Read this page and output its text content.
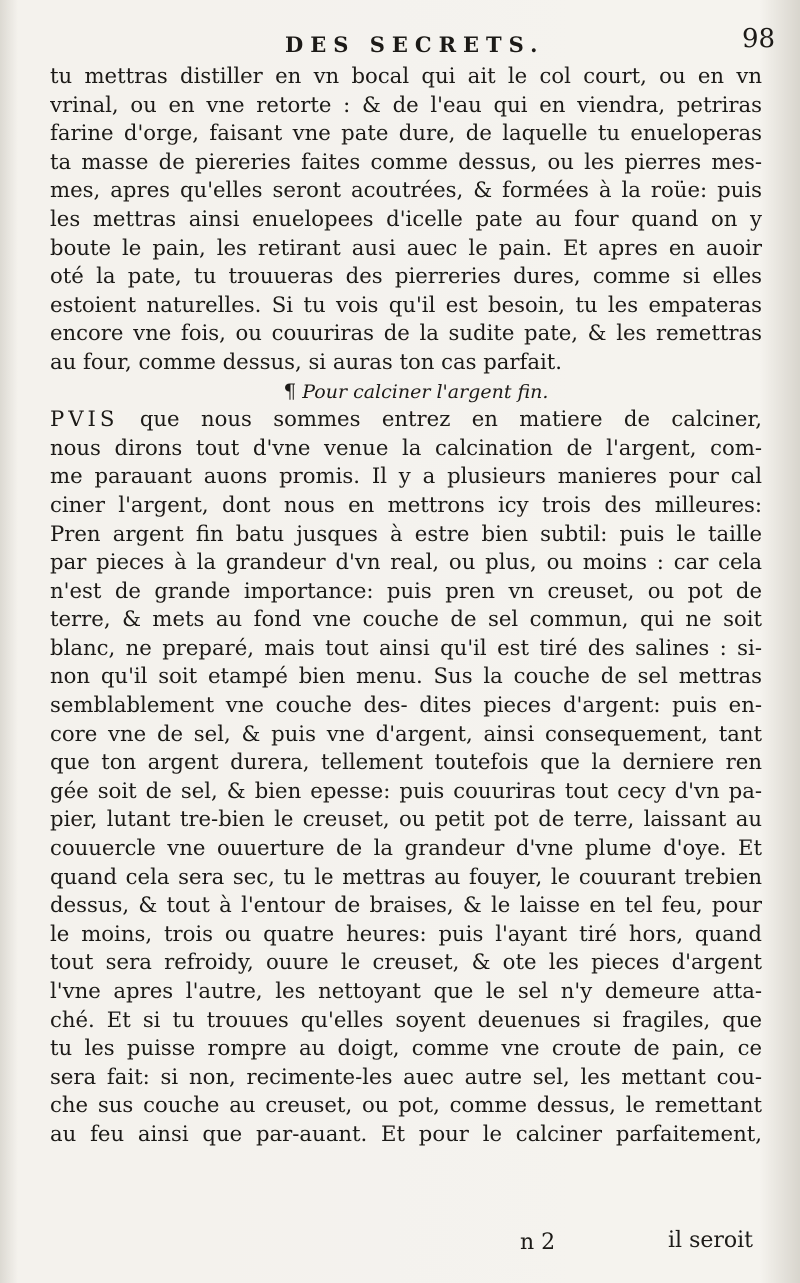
DES SECRETS.	98
tu mettras distiller en vn bocal qui ait le col court, ou en vn
vrinal, ou en vne retorte : & de l'eau qui en viendra, petriras
farine d'orge, faisant vne pate dure, de laquelle tu enueloperas
ta masse de piereries faites comme dessus, ou les pierres mes-
mes, apres qu'elles seront acoutrées, & formées à la roüe: puis
les mettras ainsi enuelopees d'icelle pate au four quand on y
boute le pain, les retirant ausi auec le pain. Et apres en auoir
oté la pate, tu trouueras des pierreries dures, comme si elles
estoient naturelles. Si tu vois qu'il est besoin, tu les empateras
encore vne fois, ou couuriras de la sudite pate, & les remettras
au four, comme dessus, si auras ton cas parfait.
¶ Pour calciner l'argent fin.
PVIS que nous sommes entrez en matiere de calciner,
nous dirons tout d'vne venue la calcination de l'argent, com-
me parauant auons promis. Il y a plusieurs manieres pour cal
ciner l'argent, dont nous en mettrons icy trois des milleures:
Pren argent fin batu jusques à estre bien subtil: puis le taille
par pieces à la grandeur d'vn real, ou plus, ou moins : car cela
n'est de grande importance: puis pren vn creuset, ou pot de
terre, & mets au fond vne couche de sel commun, qui ne soit
blanc, ne preparé, mais tout ainsi qu'il est tiré des salines : si-
non qu'il soit etampé bien menu. Sus la couche de sel mettras
semblablement vne couche des- dites pieces d'argent: puis en-
core vne de sel, & puis vne d'argent, ainsi consequement, tant
que ton argent durera, tellement toutefois que la derniere ren
gée soit de sel, & bien epesse: puis couuriras tout cecy d'vn pa-
pier, lutant tre-bien le creuset, ou petit pot de terre, laissant au
couuercle vne ouuerture de la grandeur d'vne plume d'oye. Et
quand cela sera sec, tu le mettras au fouyer, le couurant trebien
dessus, & tout à l'entour de braises, & le laisse en tel feu, pour
le moins, trois ou quatre heures: puis l'ayant tiré hors, quand
tout sera refroidy, ouure le creuset, & ote les pieces d'argent
l'vne apres l'autre, les nettoyant que le sel n'y demeure atta-
ché. Et si tu trouues qu'elles soyent deuenues si fragiles, que
tu les puisse rompre au doigt, comme vne croute de pain, ce
sera fait: si non, recimente-les auec autre sel, les mettant cou-
che sus couche au creuset, ou pot, comme dessus, le remettant
au feu ainsi que par-auant. Et pour le calciner parfaitement,
n 2	il seroit
